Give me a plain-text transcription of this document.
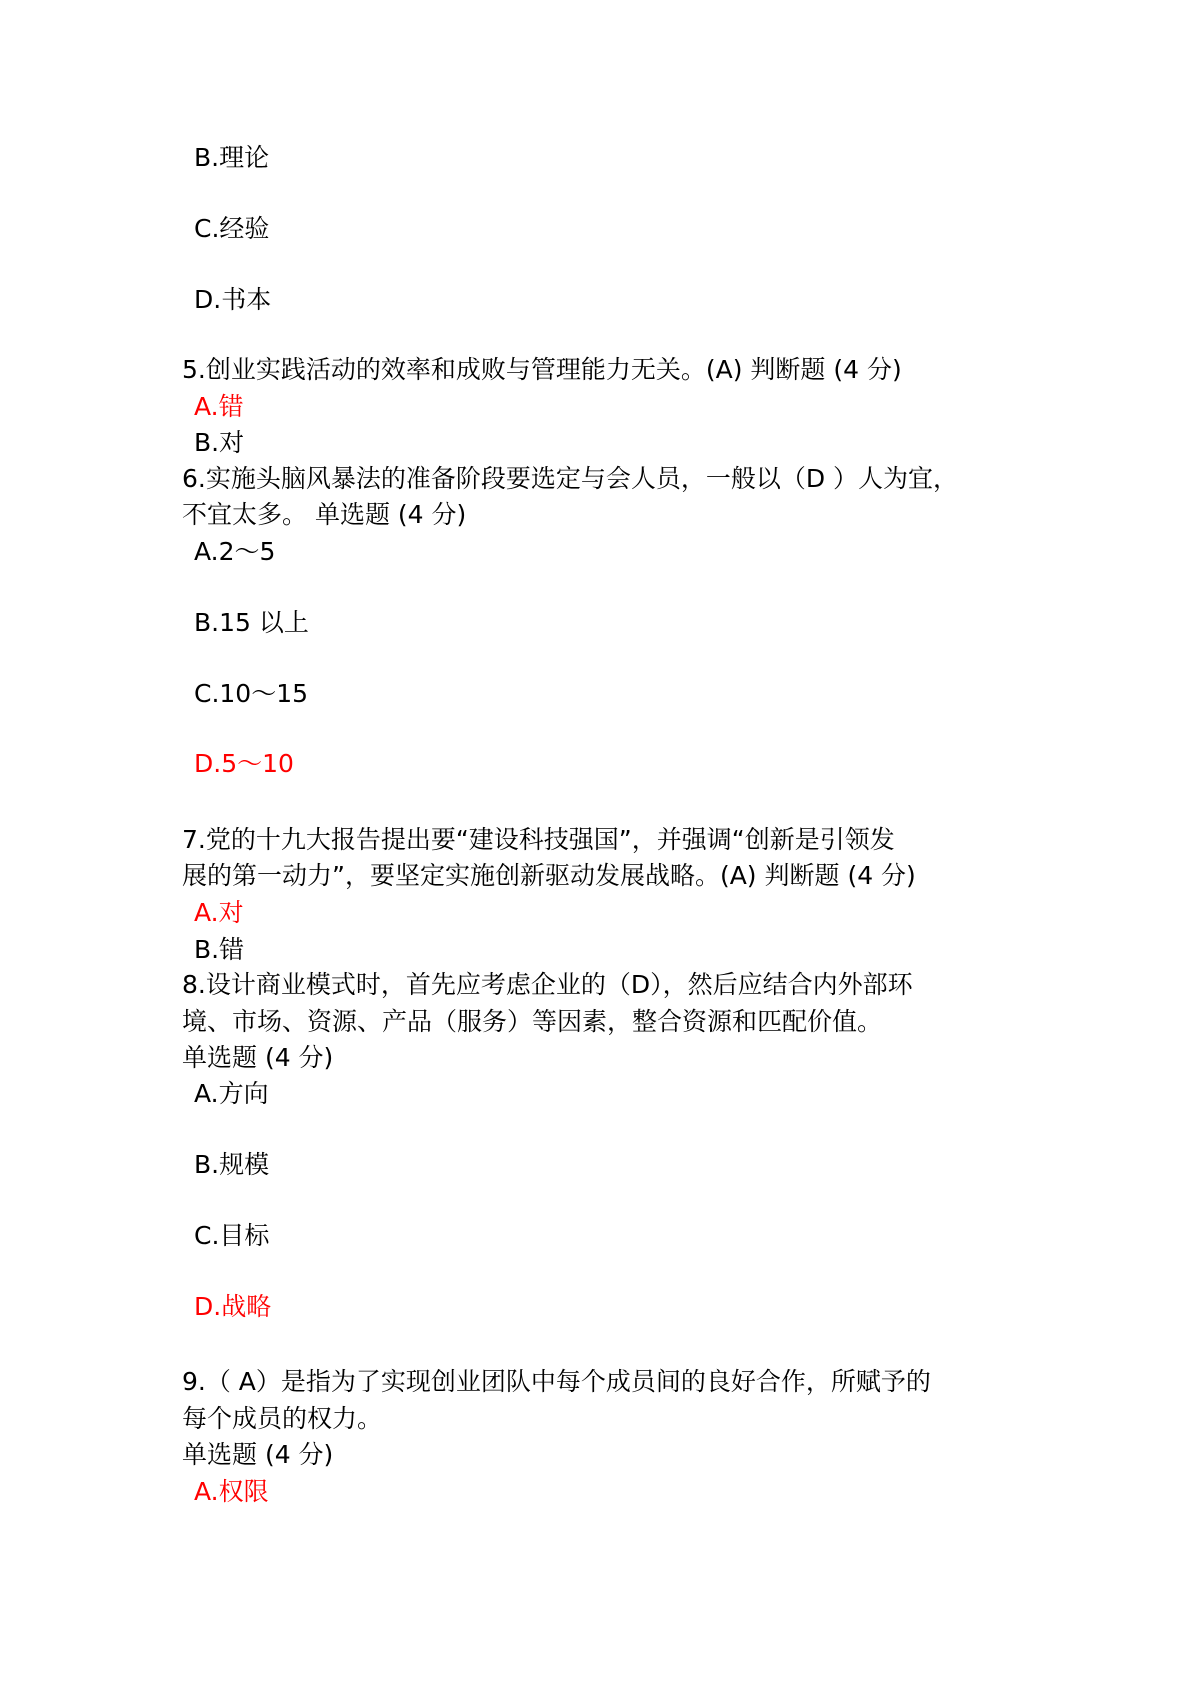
B.理论
C.经验
D.书本
5.创业实践活动的效率和成败与管理能力无关。(A) 判断题 (4 分)
A.错
B.对
6.实施头脑风暴法的准备阶段要选定与会人员，一般以（D ）人为宜，
不宜太多。 单选题 (4 分)
A.2～5
B.15 以上
C.10～15
D.5～10
7.党的十九大报告提出要“建设科技强国”，并强调“创新是引领发
展的第一动力”，要坚定实施创新驱动发展战略。(A) 判断题 (4 分)
A.对
B.错
8.设计商业模式时，首先应考虑企业的（D），然后应结合内外部环
境、市场、资源、产品（服务）等因素，整合资源和匹配价值。
单选题 (4 分)
A.方向
B.规模
C.目标
D.战略
9.（ A）是指为了实现创业团队中每个成员间的良好合作，所赋予的
每个成员的权力。
单选题 (4 分)
A.权限
